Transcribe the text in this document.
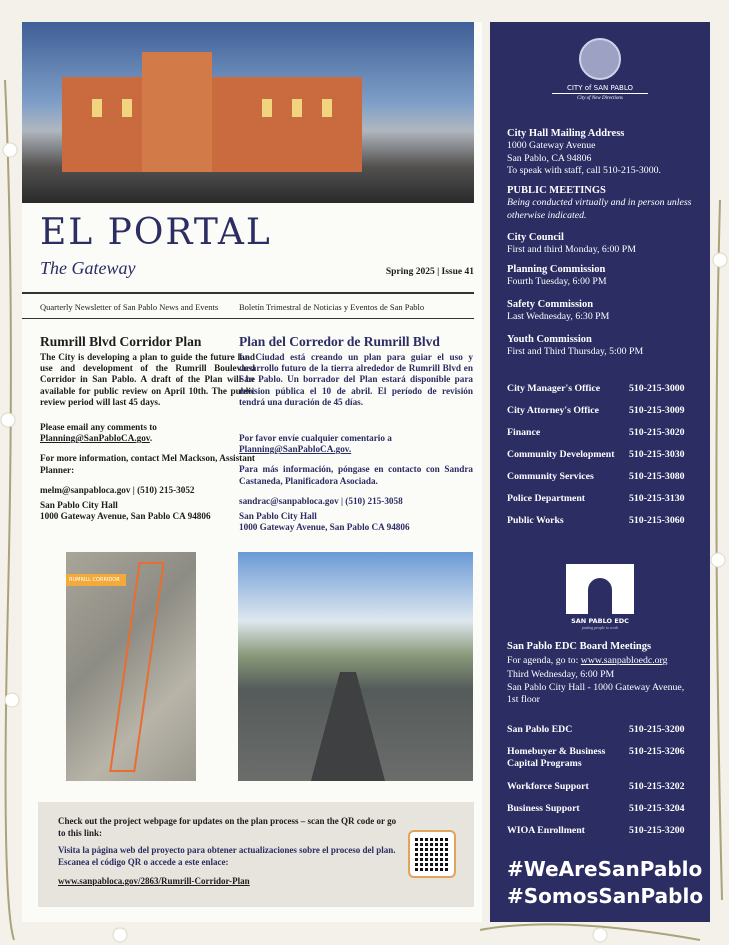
EL PORTAL
The Gateway	Spring 2025 | Issue 41
Quarterly Newsletter of San Pablo News and Events Boletín Trimestral de Noticias y Eventos de San Pablo
Rumrill Blvd Corridor Plan	Plan del Corredor de Rumrill Blvd

The City is developing a plan to guide the future land use and development of the Rumrill Boulevard Corridor in San Pablo. A draft of the Plan will be available for public review on April 10th. The public review period will last 45 days.

Please email any comments to
Planning@SanPabloCA.gov.

For more information, contact Mel Mackson, Assistant Planner:

melm@sanpabloca.gov | (510) 215-3052

San Pablo City Hall
1000 Gateway Avenue, San Pablo CA 94806

La Ciudad está creando un plan para guiar el uso y desarrollo futuro de la tierra alrededor de Rumrill Blvd en San Pablo. Un borrador del Plan estará disponible para revision pública el 10 de abril. El período de revisión tendrá una duración de 45 días.

Por favor envíe cualquier comentario a
Planning@SanPabloCA.gov.

Para más información, póngase en contacto con Sandra Castaneda, Planificadora Asociada.

sandrac@sanpabloca.gov | (510) 215-3058

San Pablo City Hall
1000 Gateway Avenue, San Pablo CA 94806

RUMRILL CORRIDOR
Check out the project webpage for updates on the plan process – scan the QR code or go to this link:
Visita la página web del proyecto para obtener actualizaciones sobre el proceso del plan. Escanea el código QR o accede a este enlace:
www.sanpabloca.gov/2863/Rumrill-Corridor-Plan
CITY of SAN PABLO
City of New Directions
City Hall Mailing Address
1000 Gateway Avenue
San Pablo, CA 94806
To speak with staff, call 510-215-3000.
PUBLIC MEETINGS
Being conducted virtually and in person unless otherwise indicated.
City Council
First and third Monday, 6:00 PM
Planning Commission
Fourth Tuesday, 6:00 PM
Safety Commission
Last Wednesday, 6:30 PM
Youth Commission
First and Third Thursday, 5:00 PM
City Manager's Office	510-215-3000
City Attorney's Office	510-215-3009
Finance	510-215-3020
Community Development 510-215-3030
Community Services	510-215-3080
Police Department	510-215-3130
Public Works	510-215-3060
SAN PABLO EDC
putting people to work
San Pablo EDC Board Meetings
For agenda, go to: www.sanpabloedc.org
Third Wednesday, 6:00 PM
San Pablo City Hall - 1000 Gateway Avenue, 1st floor
San Pablo EDC	510-215-3200
Homebuyer & Business Capital Programs
510-215-3206
Workforce Support	510-215-3202
Business Support	510-215-3204
WIOA Enrollment	510-215-3200
#WeAreSanPablo
#SomosSanPablo
